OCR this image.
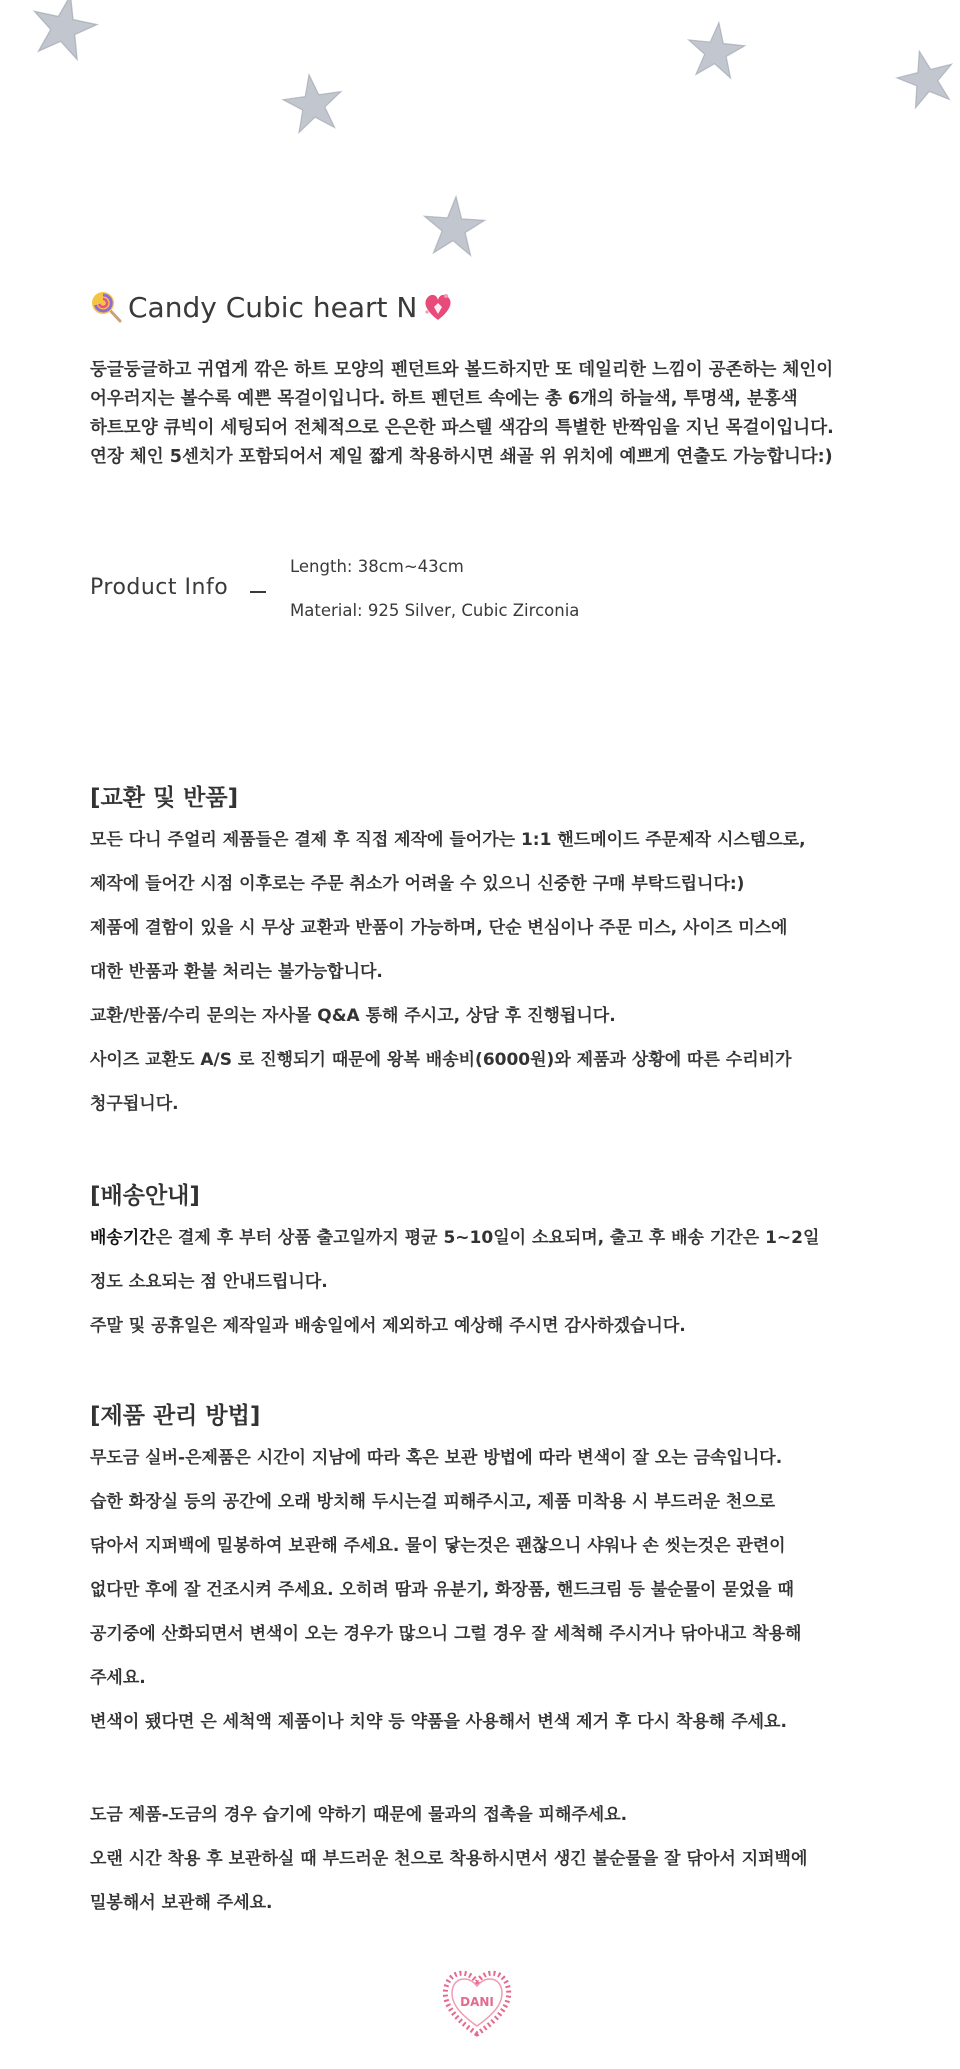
Candy Cubic heart N

둥글둥글하고 귀엽게 깎은 하트 모양의 펜던트와 볼드하지만 또 데일리한 느낌이 공존하는 체인이

어우러지는 볼수록 예쁜 목걸이입니다. 하트 펜던트 속에는 총 6개의 하늘색, 투명색, 분홍색

하트모양 큐빅이 세팅되어 전체적으로 은은한 파스텔 색감의 특별한 반짝임을 지닌 목걸이입니다.

연장 체인 5센치가 포함되어서 제일 짧게 착용하시면 쇄골 위 위치에 예쁘게 연출도 가능합니다:)

Product Info
Length: 38cm~43cm
Material: 925 Silver, Cubic Zirconia
[교환 및 반품]

모든 다니 주얼리 제품들은 결제 후 직접 제작에 들어가는 1:1 핸드메이드 주문제작 시스템으로,

제작에 들어간 시점 이후로는 주문 취소가 어려울 수 있으니 신중한 구매 부탁드립니다:)

제품에 결함이 있을 시 무상 교환과 반품이 가능하며, 단순 변심이나 주문 미스, 사이즈 미스에

대한 반품과 환불 처리는 불가능합니다.

교환/반품/수리 문의는 자사몰 Q&A 통해 주시고, 상담 후 진행됩니다.

사이즈 교환도 A/S 로 진행되기 때문에 왕복 배송비(6000원)와 제품과 상황에 따른 수리비가

청구됩니다.

[배송안내]

배송기간은 결제 후 부터 상품 출고일까지 평균 5~10일이 소요되며, 출고 후 배송 기간은 1~2일

정도 소요되는 점 안내드립니다.

주말 및 공휴일은 제작일과 배송일에서 제외하고 예상해 주시면 감사하겠습니다.

[제품 관리 방법]

무도금 실버-은제품은 시간이 지남에 따라 혹은 보관 방법에 따라 변색이 잘 오는 금속입니다.

습한 화장실 등의 공간에 오래 방치해 두시는걸 피해주시고, 제품 미착용 시 부드러운 천으로

닦아서 지퍼백에 밀봉하여 보관해 주세요. 물이 닿는것은 괜찮으니 샤워나 손 씻는것은 관련이

없다만 후에 잘 건조시켜 주세요. 오히려 땀과 유분기, 화장품, 핸드크림 등 불순물이 묻었을 때

공기중에 산화되면서 변색이 오는 경우가 많으니 그럴 경우 잘 세척해 주시거나 닦아내고 착용해

주세요.

변색이 됐다면 은 세척액 제품이나 치약 등 약품을 사용해서 변색 제거 후 다시 착용해 주세요.

도금 제품-도금의 경우 습기에 약하기 때문에 물과의 접촉을 피해주세요.

오랜 시간 착용 후 보관하실 때 부드러운 천으로 착용하시면서 생긴 불순물을 잘 닦아서 지퍼백에

밀봉해서 보관해 주세요.

DANI
